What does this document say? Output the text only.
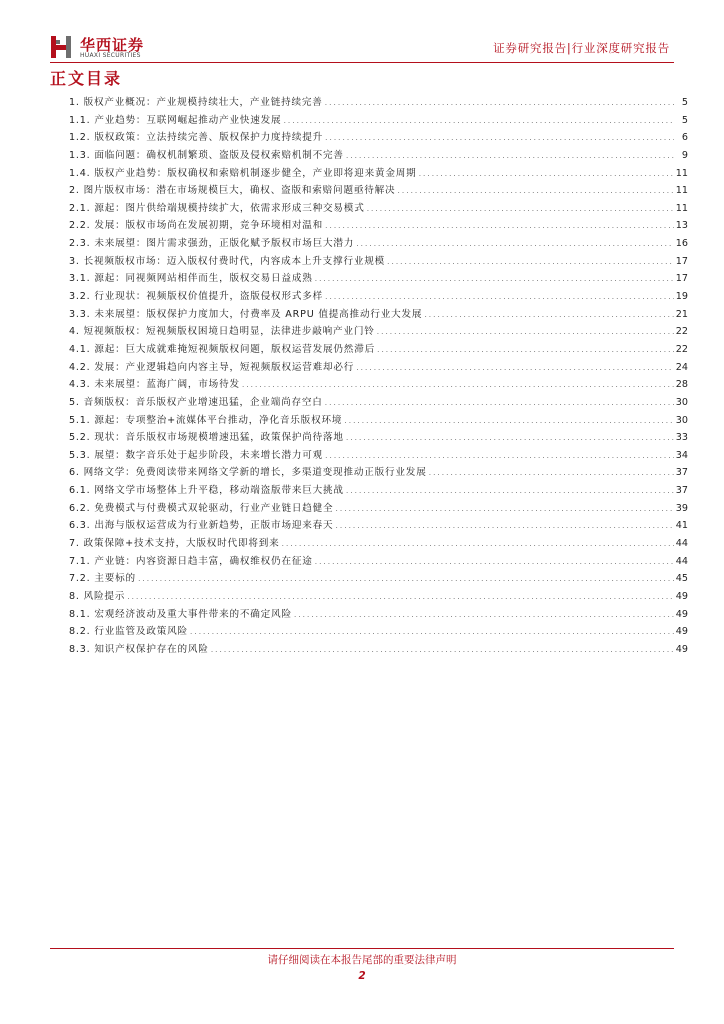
华西证券
HUAXI SECURITIES
证券研究报告|行业深度研究报告
正文目录
1. 版权产业概况：产业规模持续壮大，产业链持续完善 .....	5
1.1. 产业趋势：互联网崛起推动产业快速发展 .....	5
1.2. 版权政策：立法持续完善、版权保护力度持续提升 .....	6
1.3. 面临问题：确权机制繁琐、盗版及侵权索赔机制不完善 .....	9
1.4. 版权产业趋势：版权确权和索赔机制逐步健全，产业即将迎来黄金周期 .....	11
2. 图片版权市场：潜在市场规模巨大，确权、盗版和索赔问题亟待解决 .....	11
2.1. 源起：图片供给端规模持续扩大，依需求形成三种交易模式 .....	11
2.2. 发展：版权市场尚在发展初期，竞争环境相对温和 .....	13
2.3. 未来展望：图片需求强劲，正版化赋予版权市场巨大潜力 .....	16
3. 长视频版权市场：迈入版权付费时代，内容成本上升支撑行业规模 .....	17
3.1. 源起：同视频网站相伴而生，版权交易日益成熟 .....	17
3.2. 行业现状：视频版权价值提升，盗版侵权形式多样 .....	19
3.3. 未来展望：版权保护力度加大，付费率及 ARPU 值提高推动行业大发展 .....	21
4. 短视频版权：短视频版权困境日趋明显，法律进步敲响产业门铃 .....	22
4.1. 源起：巨大成就难掩短视频版权问题，版权运营发展仍然滞后 .....	22
4.2. 发展：产业逻辑趋向内容主导，短视频版权运营难却必行 .....	24
4.3. 未来展望：蓝海广阔，市场待发 .....	28
5. 音频版权：音乐版权产业增速迅猛，企业端尚存空白 .....	30
5.1. 源起：专项整治+流媒体平台推动，净化音乐版权环境 .....	30
5.2. 现状：音乐版权市场规模增速迅猛，政策保护尚待落地 .....	33
5.3. 展望：数字音乐处于起步阶段，未来增长潜力可观 .....	34
6. 网络文学：免费阅读带来网络文学新的增长，多渠道变现推动正版行业发展 .....	37
6.1. 网络文学市场整体上升平稳，移动端盗版带来巨大挑战 .....	37
6.2. 免费模式与付费模式双轮驱动，行业产业链日趋健全 .....	39
6.3. 出海与版权运营成为行业新趋势，正版市场迎来春天 .....	41
7. 政策保障+技术支持，大版权时代即将到来 .....	44
7.1. 产业链：内容资源日趋丰富，确权维权仍在征途 .....	44
7.2. 主要标的 .....	45
8. 风险提示 .....	49
8.1. 宏观经济波动及重大事件带来的不确定风险 .....	49
8.2. 行业监管及政策风险 .....	49
8.3. 知识产权保护存在的风险 .....	49
请仔细阅读在本报告尾部的重要法律声明
2
